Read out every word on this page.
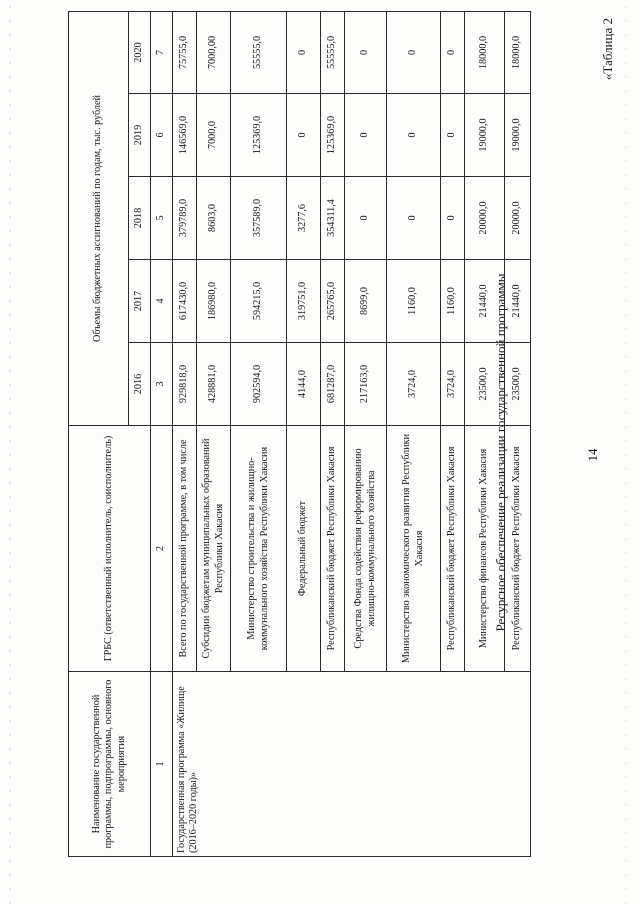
14
«Таблица 2
Ресурсное обеспечение реализации государственной программы
Наименование государственной программы, подпрограммы, основного мероприятия	ГРБС (ответственный исполнитель, соисполнитель)	Объемы бюджетных ассигнований по годам, тыс. рублей				
		2016	2017	2018	2019	2020
1	2	3	4	5	6	7
Государственная программа «Жилище (2016–2020 годы)»	Всего по государственной программе, в том числе	929818,0	617430,0	379789,0	146569,0	75755,0
	Субсидии бюджетам муниципальных образований Республики Хакасия	428881,0	186980,0	8603,0	7000,0	7000,00
	Министерство строительства и жилищно-коммунального хозяйства Республики Хакасия	902594,0	594215,0	357589,0	125369,0	55555,0
	Федеральный бюджет	4144,0	319751,0	3277,6	0	0
	Республиканский бюджет Республики Хакасия	681287,0	265765,0	354311,4	125369,0	55555,0
	Средства Фонда содействия реформированию жилищно-коммунального хозяйства	217163,0	8699,0	0	0	0
	Министерство экономического развития Республики Хакасия	3724,0	1160,0	0	0	0
	Республиканский бюджет Республики Хакасия	3724,0	1160,0	0	0	0
	Министерство финансов Республики Хакасия	23500,0	21440,0	20000,0	19000,0	18000,0
	Республиканский бюджет Республики Хакасия	23500,0	21440,0	20000,0	19000,0	18000,0
